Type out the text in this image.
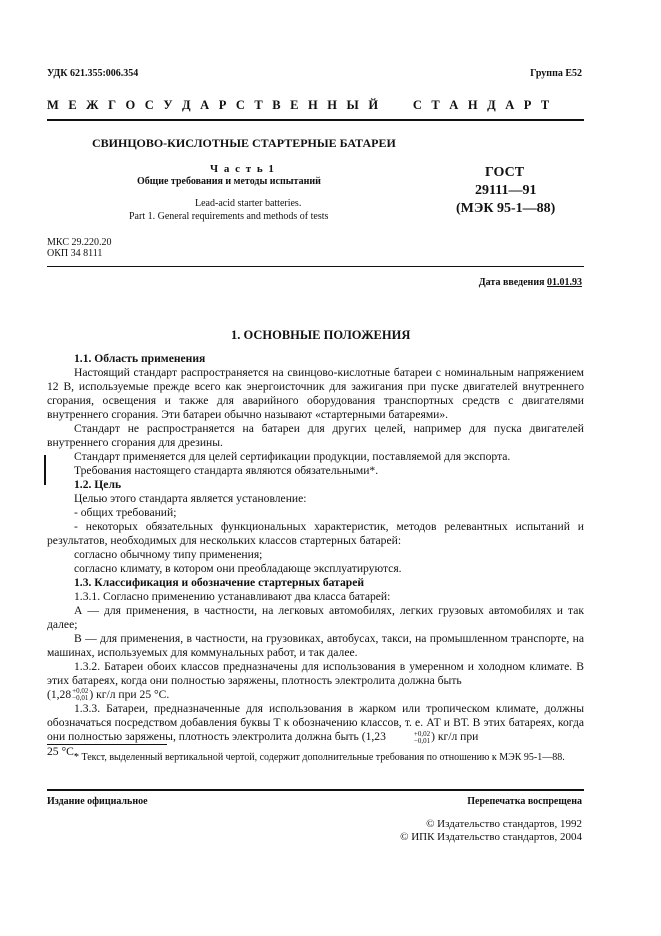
УДК 621.355:006.354	Группа Е52
М Е Ж Г О С У Д А Р С Т В Е Н Н Ы Й     С Т А Н Д А Р Т
СВИНЦОВО-КИСЛОТНЫЕ СТАРТЕРНЫЕ БАТАРЕИ
Ч а с т ь 1
Общие требования и методы испытаний
Lead-acid starter batteries.
Part 1. General requirements and methods of tests
ГОСТ
29111—91
(МЭК 95-1—88)
МКС 29.220.20
ОКП 34 8111
Дата введения 01.01.93
1. ОСНОВНЫЕ ПОЛОЖЕНИЯ
1.1. Область применения

Настоящий стандарт распространяется на свинцово-кислотные батареи с номинальным напряжением 12 В, используемые прежде всего как энергоисточник для зажигания при пуске двигателей внутреннего сгорания, освещения и также для аварийного оборудования транспортных средств с двигателями внутреннего сгорания. Эти батареи обычно называют «стартерными батареями».

Стандарт не распространяется на батареи для других целей, например для пуска двигателей внутреннего сгорания для дрезины.

Стандарт применяется для целей сертификации продукции, поставляемой для экспорта.

Требования настоящего стандарта являются обязательными*.

1.2. Цель

Целью этого стандарта является установление:

- общих требований;

- некоторых обязательных функциональных характеристик, методов релевантных испытаний и результатов, необходимых для нескольких классов стартерных батарей:

согласно обычному типу применения;

согласно климату, в котором они преобладающе эксплуатируются.

1.3. Классификация и обозначение стартерных батарей

1.3.1. Согласно применению устанавливают два класса батарей:

А — для применения, в частности, на легковых автомобилях, легких грузовых автомобилях и так далее;

В — для применения, в частности, на грузовиках, автобусах, такси, на промышленном транспорте, на машинах, используемых для коммунальных работ, и так далее.

1.3.2. Батареи обоих классов предназначены для использования в умеренном и холодном климате. В этих батареях, когда они полностью заряжены, плотность электролита должна быть

(1,28 +0,02
−0,01 ) кг/л при 25 °С.

1.3.3. Батареи, предназначенные для использования в жарком или тропическом климате, должны обозначаться посредством добавления буквы Т к обозначению классов, т. е. АТ и ВТ. В этих батареях, когда они полностью заряжены, плотность электролита должна быть (1,23	+0,02
−0,01 ) кг/л при

25 °С.

* Текст, выделенный вертикальной чертой, содержит дополнительные требования по отношению к МЭК 95-1—88.
Издание официальное	Перепечатка воспрещена
© Издательство стандартов, 1992
© ИПК Издательство стандартов, 2004
